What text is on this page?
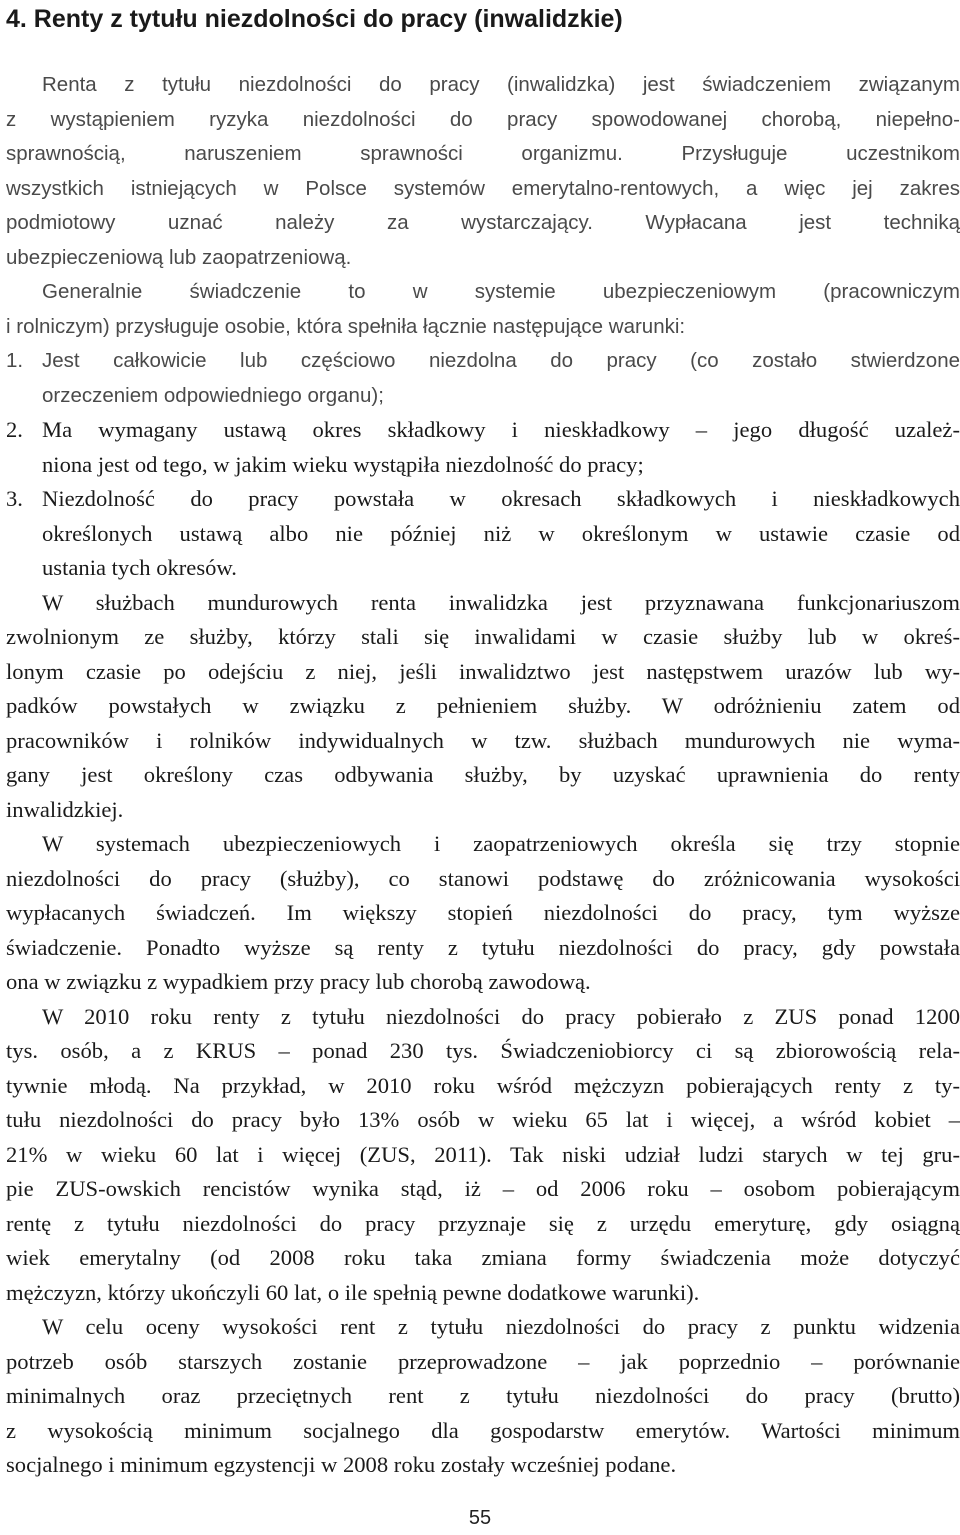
4. Renty z tytułu niezdolności do pracy (inwalidzkie)
Renta z tytułu niezdolności do pracy (inwalidzka) jest świadczeniem związanym
z wystąpieniem ryzyka niezdolności do pracy spowodowanej chorobą, niepełno-
sprawnością, naruszeniem sprawności organizmu. Przysługuje uczestnikom
wszystkich istniejących w Polsce systemów emerytalno-rentowych, a więc jej zakres
podmiotowy uznać należy za wystarczający. Wypłacana jest techniką
ubezpieczeniową lub zaopatrzeniową.
Generalnie świadczenie to w systemie ubezpieczeniowym (pracowniczym
i rolniczym) przysługuje osobie, która spełniła łącznie następujące warunki:
1. Jest całkowicie lub częściowo niezdolna do pracy (co zostało stwierdzone
orzeczeniem odpowiedniego organu);
2. Ma wymagany ustawą okres składkowy i nieskładkowy – jego długość uzależ-
niona jest od tego, w jakim wieku wystąpiła niezdolność do pracy;
3. Niezdolność do pracy powstała w okresach składkowych i nieskładkowych
określonych ustawą albo nie później niż w określonym w ustawie czasie od
ustania tych okresów.
W służbach mundurowych renta inwalidzka jest przyznawana funkcjonariuszom
zwolnionym ze służby, którzy stali się inwalidami w czasie służby lub w okreś-
lonym czasie po odejściu z niej, jeśli inwalidztwo jest następstwem urazów lub wy-
padków powstałych w związku z pełnieniem służby. W odróżnieniu zatem od
pracowników i rolników indywidualnych w tzw. służbach mundurowych nie wyma-
gany jest określony czas odbywania służby, by uzyskać uprawnienia do renty
inwalidzkiej.
W systemach ubezpieczeniowych i zaopatrzeniowych określa się trzy stopnie
niezdolności do pracy (służby), co stanowi podstawę do zróżnicowania wysokości
wypłacanych świadczeń. Im większy stopień niezdolności do pracy, tym wyższe
świadczenie. Ponadto wyższe są renty z tytułu niezdolności do pracy, gdy powstała
ona w związku z wypadkiem przy pracy lub chorobą zawodową.
W 2010 roku renty z tytułu niezdolności do pracy pobierało z ZUS ponad 1200
tys. osób, a z KRUS – ponad 230 tys. Świadczeniobiorcy ci są zbiorowością rela-
tywnie młodą. Na przykład, w 2010 roku wśród mężczyzn pobierających renty z ty-
tułu niezdolności do pracy było 13% osób w wieku 65 lat i więcej, a wśród kobiet –
21% w wieku 60 lat i więcej (ZUS, 2011). Tak niski udział ludzi starych w tej gru-
pie ZUS-owskich rencistów wynika stąd, iż – od 2006 roku – osobom pobierającym
rentę z tytułu niezdolności do pracy przyznaje się z urzędu emeryturę, gdy osiągną
wiek emerytalny (od 2008 roku taka zmiana formy świadczenia może dotyczyć
mężczyzn, którzy ukończyli 60 lat, o ile spełnią pewne dodatkowe warunki).
W celu oceny wysokości rent z tytułu niezdolności do pracy z punktu widzenia
potrzeb osób starszych zostanie przeprowadzone – jak poprzednio – porównanie
minimalnych oraz przeciętnych rent z tytułu niezdolności do pracy (brutto)
z wysokością minimum socjalnego dla gospodarstw emerytów. Wartości minimum
socjalnego i minimum egzystencji w 2008 roku zostały wcześniej podane.
55
